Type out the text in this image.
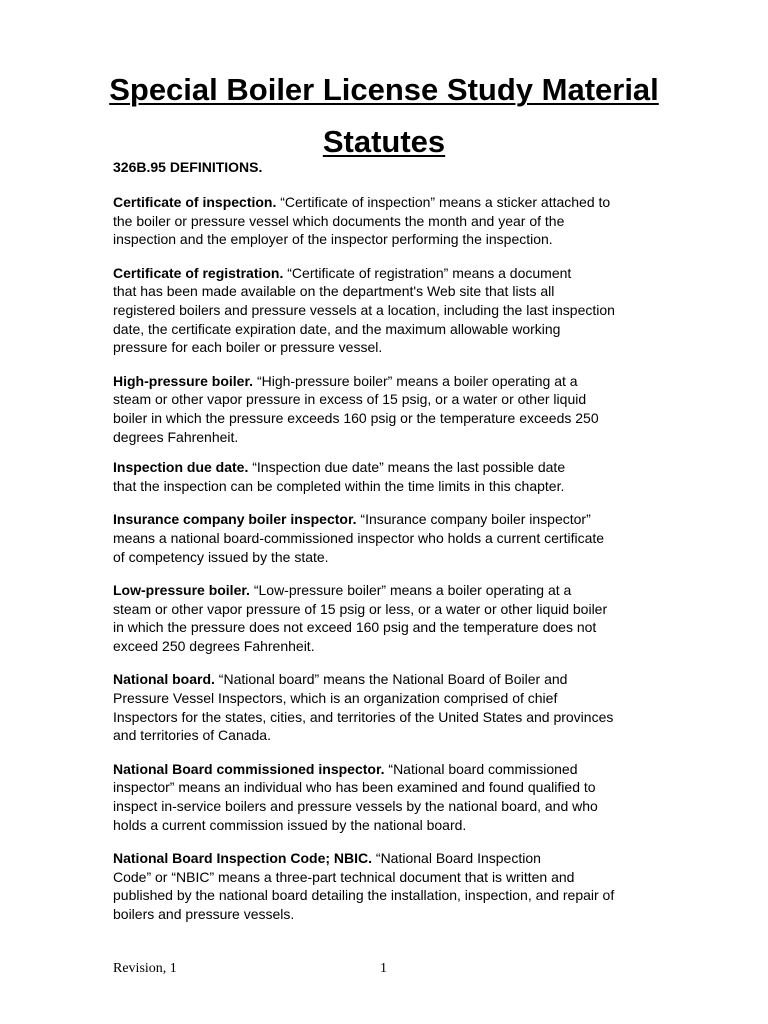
Special Boiler License Study Material
Statutes

326B.95 DEFINITIONS.

Certificate of inspection. “Certificate of inspection” means a sticker attached to
the boiler or pressure vessel which documents the month and year of the
inspection and the employer of the inspector performing the inspection.

Certificate of registration. “Certificate of registration” means a document
that has been made available on the department's Web site that lists all
registered boilers and pressure vessels at a location, including the last inspection
date, the certificate expiration date, and the maximum allowable working
pressure for each boiler or pressure vessel.

High-pressure boiler. “High-pressure boiler” means a boiler operating at a
steam or other vapor pressure in excess of 15 psig, or a water or other liquid
boiler in which the pressure exceeds 160 psig or the temperature exceeds 250
degrees Fahrenheit.

Inspection due date. “Inspection due date” means the last possible date
that the inspection can be completed within the time limits in this chapter.

Insurance company boiler inspector. “Insurance company boiler inspector”
means a national board-commissioned inspector who holds a current certificate
of competency issued by the state.

Low-pressure boiler. “Low-pressure boiler” means a boiler operating at a
steam or other vapor pressure of 15 psig or less, or a water or other liquid boiler
in which the pressure does not exceed 160 psig and the temperature does not
exceed 250 degrees Fahrenheit.

National board. “National board” means the National Board of Boiler and
Pressure Vessel Inspectors, which is an organization comprised of chief
Inspectors for the states, cities, and territories of the United States and provinces
and territories of Canada.

National Board commissioned inspector. “National board commissioned
inspector” means an individual who has been examined and found qualified to
inspect in-service boilers and pressure vessels by the national board, and who
holds a current commission issued by the national board.

National Board Inspection Code; NBIC. “National Board Inspection
Code” or “NBIC” means a three-part technical document that is written and
published by the national board detailing the installation, inspection, and repair of
boilers and pressure vessels.

Revision, 1	1
